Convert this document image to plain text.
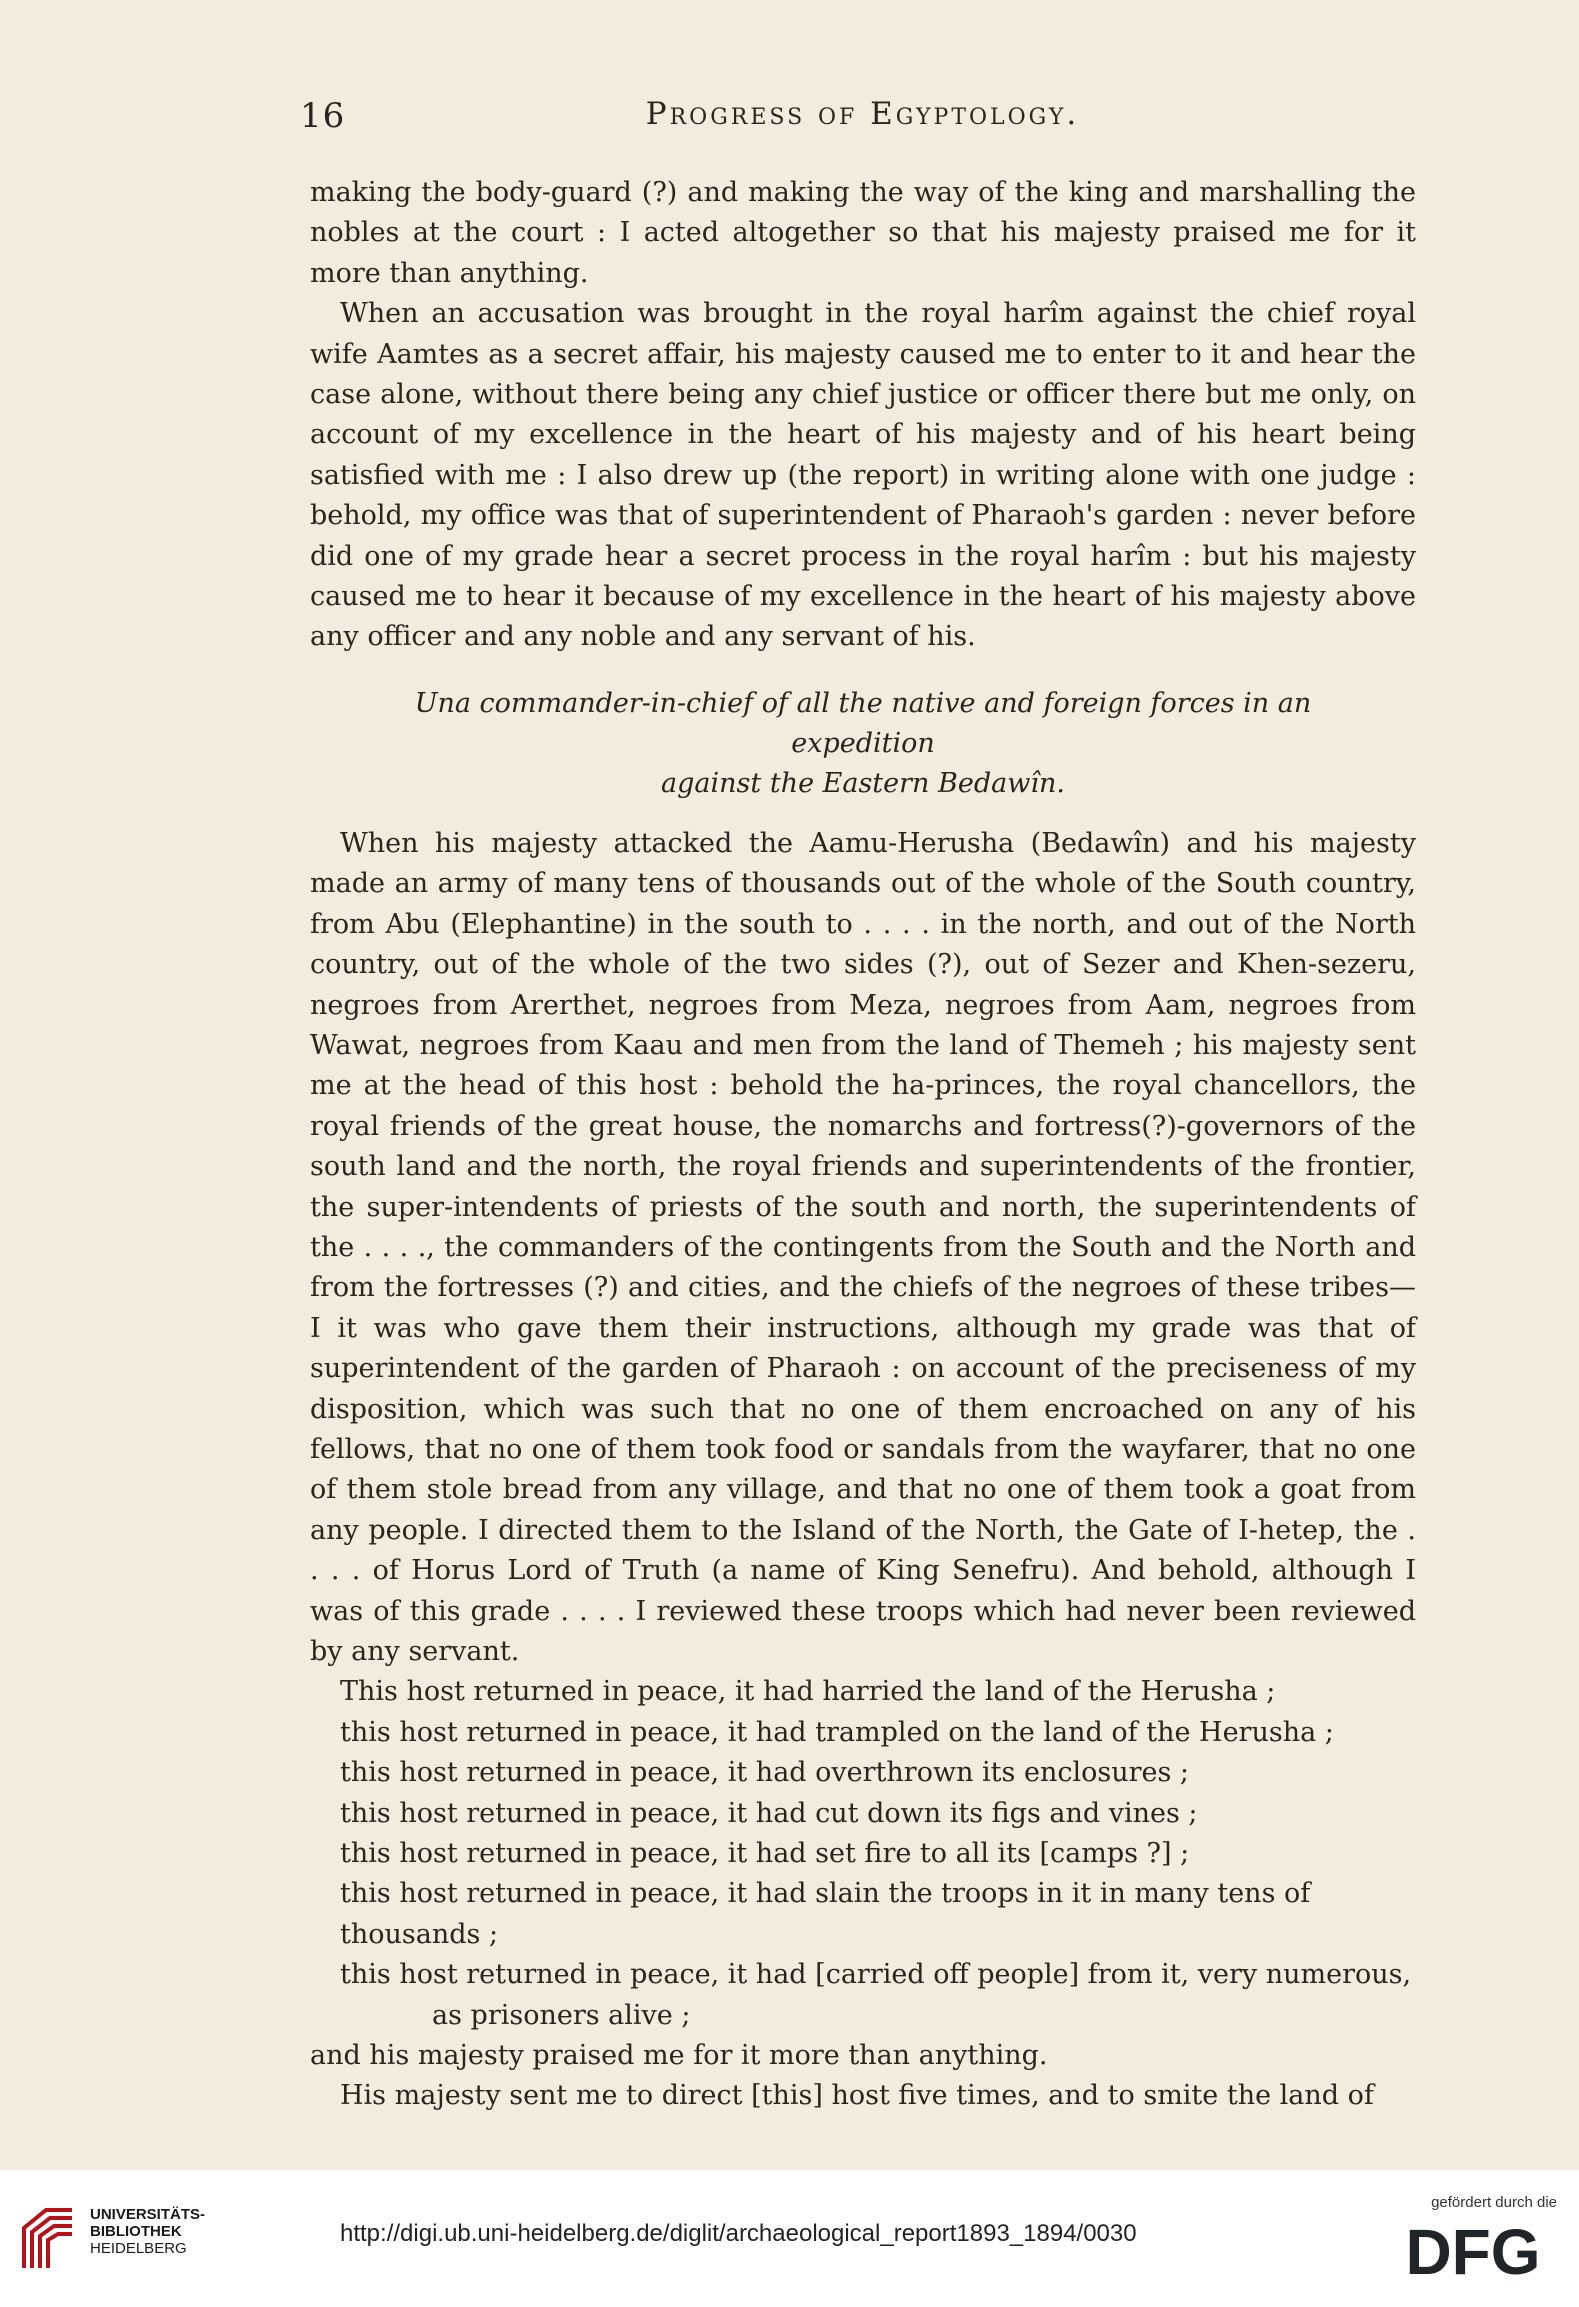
16	Progress of Egyptology.

making the body-guard (?) and making the way of the king and marshalling the nobles at the court : I acted altogether so that his majesty praised me for it more than anything.

When an accusation was brought in the royal harîm against the chief royal wife Aamtes as a secret affair, his majesty caused me to enter to it and hear the case alone, without there being any chief justice or officer there but me only, on account of my excellence in the heart of his majesty and of his heart being satisfied with me : I also drew up (the report) in writing alone with one judge : behold, my office was that of superintendent of Pharaoh's garden : never before did one of my grade hear a secret process in the royal harîm : but his majesty caused me to hear it because of my excellence in the heart of his majesty above any officer and any noble and any servant of his.

Una commander-in-chief of all the native and foreign forces in an expedition
against the Eastern Bedawîn.

When his majesty attacked the Aamu-Herusha (Bedawîn) and his majesty made an army of many tens of thousands out of the whole of the South country, from Abu (Elephantine) in the south to . . . . in the north, and out of the North country, out of the whole of the two sides (?), out of Sezer and Khen-sezeru, negroes from Arerthet, negroes from Meza, negroes from Aam, negroes from Wawat, negroes from Kaau and men from the land of Themeh ; his majesty sent me at the head of this host : behold the ha-princes, the royal chancellors, the royal friends of the great house, the nomarchs and fortress(?)-governors of the south land and the north, the royal friends and superintendents of the frontier, the super-intendents of priests of the south and north, the superintendents of the . . . ., the commanders of the contingents from the South and the North and from the fortresses (?) and cities, and the chiefs of the negroes of these tribes—I it was who gave them their instructions, although my grade was that of superintendent of the garden of Pharaoh : on account of the preciseness of my disposition, which was such that no one of them encroached on any of his fellows, that no one of them took food or sandals from the wayfarer, that no one of them stole bread from any village, and that no one of them took a goat from any people. I directed them to the Island of the North, the Gate of I-hetep, the . . . . of Horus Lord of Truth (a name of King Senefru). And behold, although I was of this grade . . . . I reviewed these troops which had never been reviewed by any servant.

This host returned in peace, it had harried the land of the Herusha ;
this host returned in peace, it had trampled on the land of the Herusha ;
this host returned in peace, it had overthrown its enclosures ;
this host returned in peace, it had cut down its figs and vines ;
this host returned in peace, it had set fire to all its [camps ?] ;
this host returned in peace, it had slain the troops in it in many tens of thousands ;
this host returned in peace, it had [carried off people] from it, very numerous,
as prisoners alive ;

and his majesty praised me for it more than anything.

His majesty sent me to direct [this] host five times, and to smite the land of

UNIVERSITÄTS-
BIBLIOTHEK
HEIDELBERG
http://digi.ub.uni-heidelberg.de/diglit/archaeological_report1893_1894/0030
gefördert durch die
DFG
